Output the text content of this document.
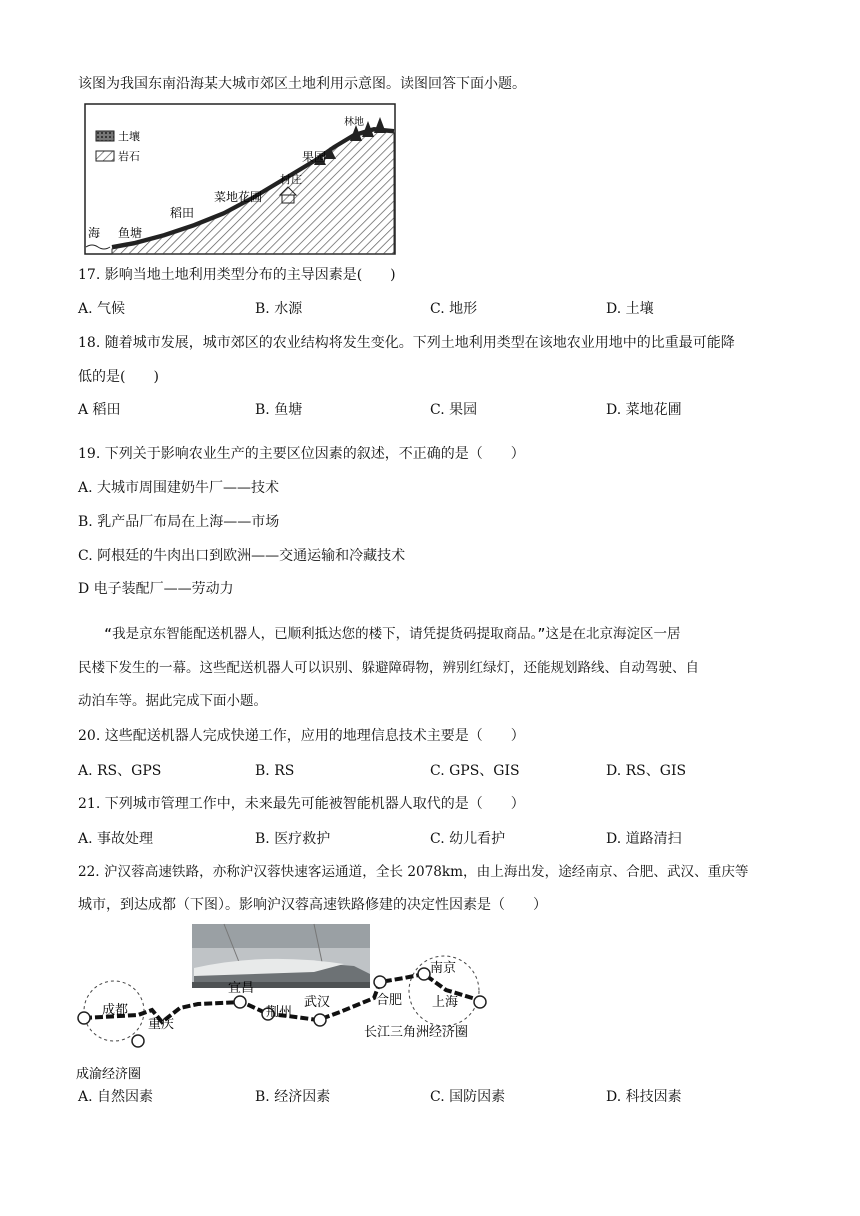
该图为我国东南沿海某大城市郊区土地利用示意图。读图回答下面小题。
土壤
岩石
海 鱼塘
稻田
菜地花圃
村庄
果园
林地
17. 影响当地土地利用类型分布的主导因素是(　　)
A. 气候	B. 水源	C. 地形	D. 土壤
18. 随着城市发展，城市郊区的农业结构将发生变化。下列土地利用类型在该地农业用地中的比重最可能降
低的是(　　)
A 稻田	B. 鱼塘	C. 果园	D. 菜地花圃
19. 下列关于影响农业生产的主要区位因素的叙述，不正确的是（　　）
A. 大城市周围建奶牛厂——技术
B. 乳产品厂布局在上海——市场
C. 阿根廷的牛肉出口到欧洲——交通运输和冷藏技术
D 电子装配厂——劳动力
“我是京东智能配送机器人，已顺利抵达您的楼下，请凭提货码提取商品。”这是在北京海淀区一居
民楼下发生的一幕。这些配送机器人可以识别、躲避障碍物，辨别红绿灯，还能规划路线、自动驾驶、自
动泊车等。据此完成下面小题。
20. 这些配送机器人完成快递工作，应用的地理信息技术主要是（　　）
A. RS、GPS	B. RS	C. GPS、GIS	D. RS、GIS
21. 下列城市管理工作中，未来最先可能被智能机器人取代的是（　　）
A. 事故处理	B. 医疗救护	C. 幼儿看护	D. 道路清扫
22. 沪汉蓉高速铁路，亦称沪汉蓉快速客运通道，全长 2078km，由上海出发，途经南京、合肥、武汉、重庆等
城市，到达成都（下图）。影响沪汉蓉高速铁路修建的决定性因素是（　　）
成都
重庆
宜昌
荆州
武汉	合肥
南京
上海
长江三角洲经济圈
成渝经济圈
A. 自然因素	B. 经济因素	C. 国防因素	D. 科技因素
